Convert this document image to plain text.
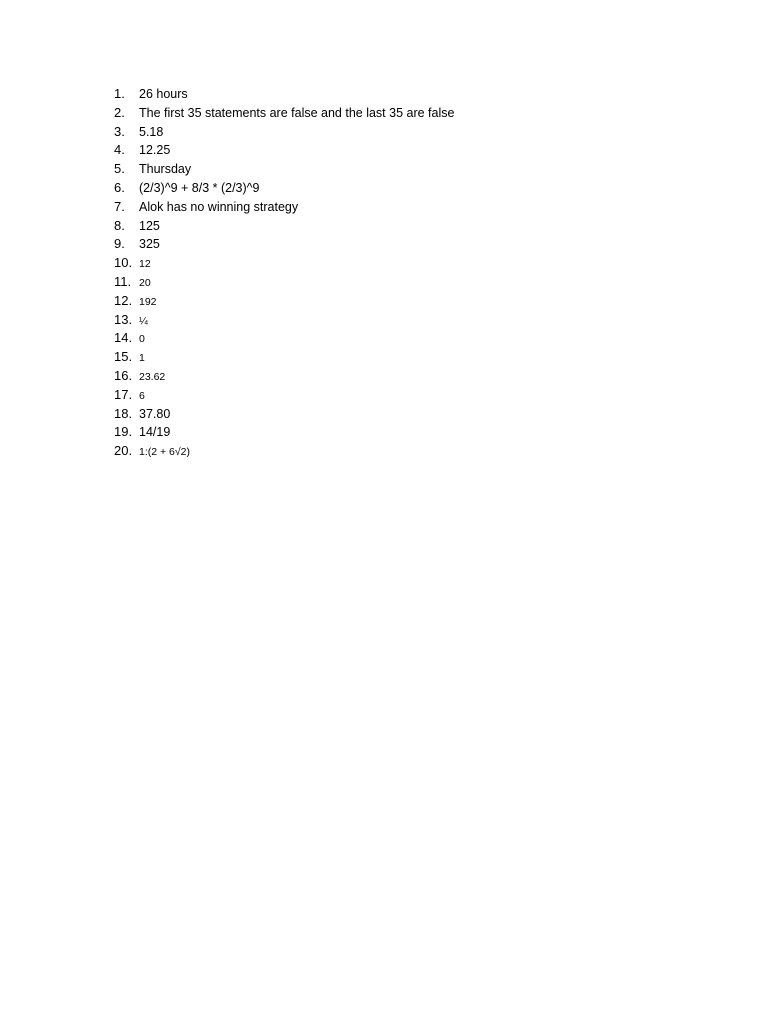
1.	26 hours
2.	The first 35 statements are false and the last 35 are false
3.	5.18
4.	12.25
5.	Thursday
6.	(2/3)^9 + 8/3 * (2/3)^9
7.	Alok has no winning strategy
8.	125
9.	325
10. 12
11. 20
12. 192
13. ¼
14. 0
15. 1
16. 23.62
17. 6
18. 37.80
19. 14/19
20. 1:(2 + 6√2)
